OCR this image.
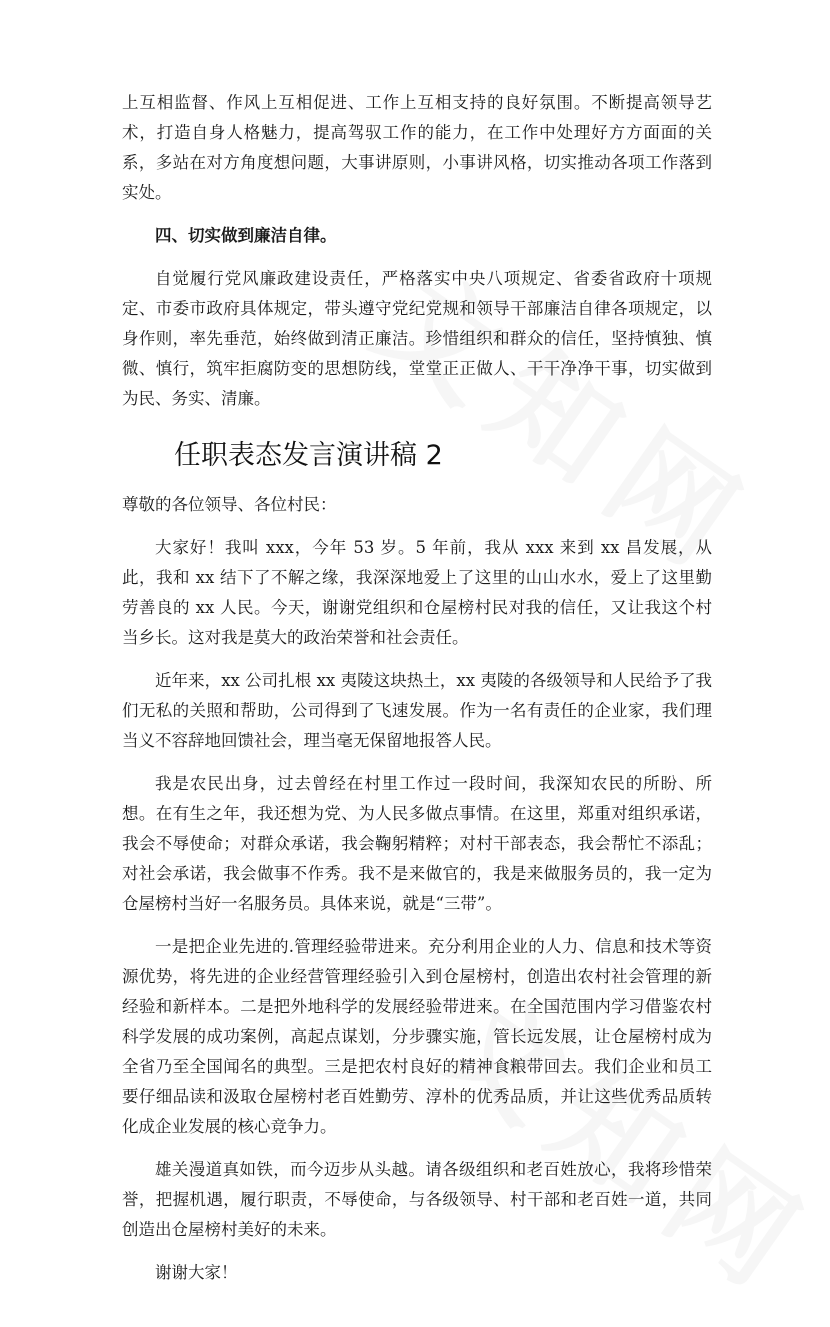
上互相监督、作风上互相促进、工作上互相支持的良好氛围。不断提高领导艺术，打造自身人格魅力，提高驾驭工作的能力，在工作中处理好方方面面的关系，多站在对方角度想问题，大事讲原则，小事讲风格，切实推动各项工作落到实处。

四、切实做到廉洁自律。

自觉履行党风廉政建设责任，严格落实中央八项规定、省委省政府十项规定、市委市政府具体规定，带头遵守党纪党规和领导干部廉洁自律各项规定，以身作则，率先垂范，始终做到清正廉洁。珍惜组织和群众的信任，坚持慎独、慎微、慎行，筑牢拒腐防变的思想防线，堂堂正正做人、干干净净干事，切实做到为民、务实、清廉。

任职表态发言演讲稿 2

尊敬的各位领导、各位村民：

大家好！我叫 xxx，今年 53 岁。5 年前，我从 xxx 来到 xx 昌发展，从此，我和 xx 结下了不解之缘，我深深地爱上了这里的山山水水，爱上了这里勤劳善良的 xx 人民。今天，谢谢党组织和仓屋榜村民对我的信任，又让我这个村当乡长。这对我是莫大的政治荣誉和社会责任。

近年来，xx 公司扎根 xx 夷陵这块热土，xx 夷陵的各级领导和人民给予了我们无私的关照和帮助，公司得到了飞速发展。作为一名有责任的企业家，我们理当义不容辞地回馈社会，理当毫无保留地报答人民。

我是农民出身，过去曾经在村里工作过一段时间，我深知农民的所盼、所想。在有生之年，我还想为党、为人民多做点事情。在这里，郑重对组织承诺，我会不辱使命；对群众承诺，我会鞠躬精粹；对村干部表态，我会帮忙不添乱；对社会承诺，我会做事不作秀。我不是来做官的，我是来做服务员的，我一定为仓屋榜村当好一名服务员。具体来说，就是“三带”。

一是把企业先进的.管理经验带进来。充分利用企业的人力、信息和技术等资源优势，将先进的企业经营管理经验引入到仓屋榜村，创造出农村社会管理的新经验和新样本。二是把外地科学的发展经验带进来。在全国范围内学习借鉴农村科学发展的成功案例，高起点谋划，分步骤实施，管长远发展，让仓屋榜村成为全省乃至全国闻名的典型。三是把农村良好的精神食粮带回去。我们企业和员工要仔细品读和汲取仓屋榜村老百姓勤劳、淳朴的优秀品质，并让这些优秀品质转化成企业发展的核心竞争力。

雄关漫道真如铁，而今迈步从头越。请各级组织和老百姓放心，我将珍惜荣誉，把握机遇，履行职责，不辱使命，与各级领导、村干部和老百姓一道，共同创造出仓屋榜村美好的未来。

谢谢大家！
